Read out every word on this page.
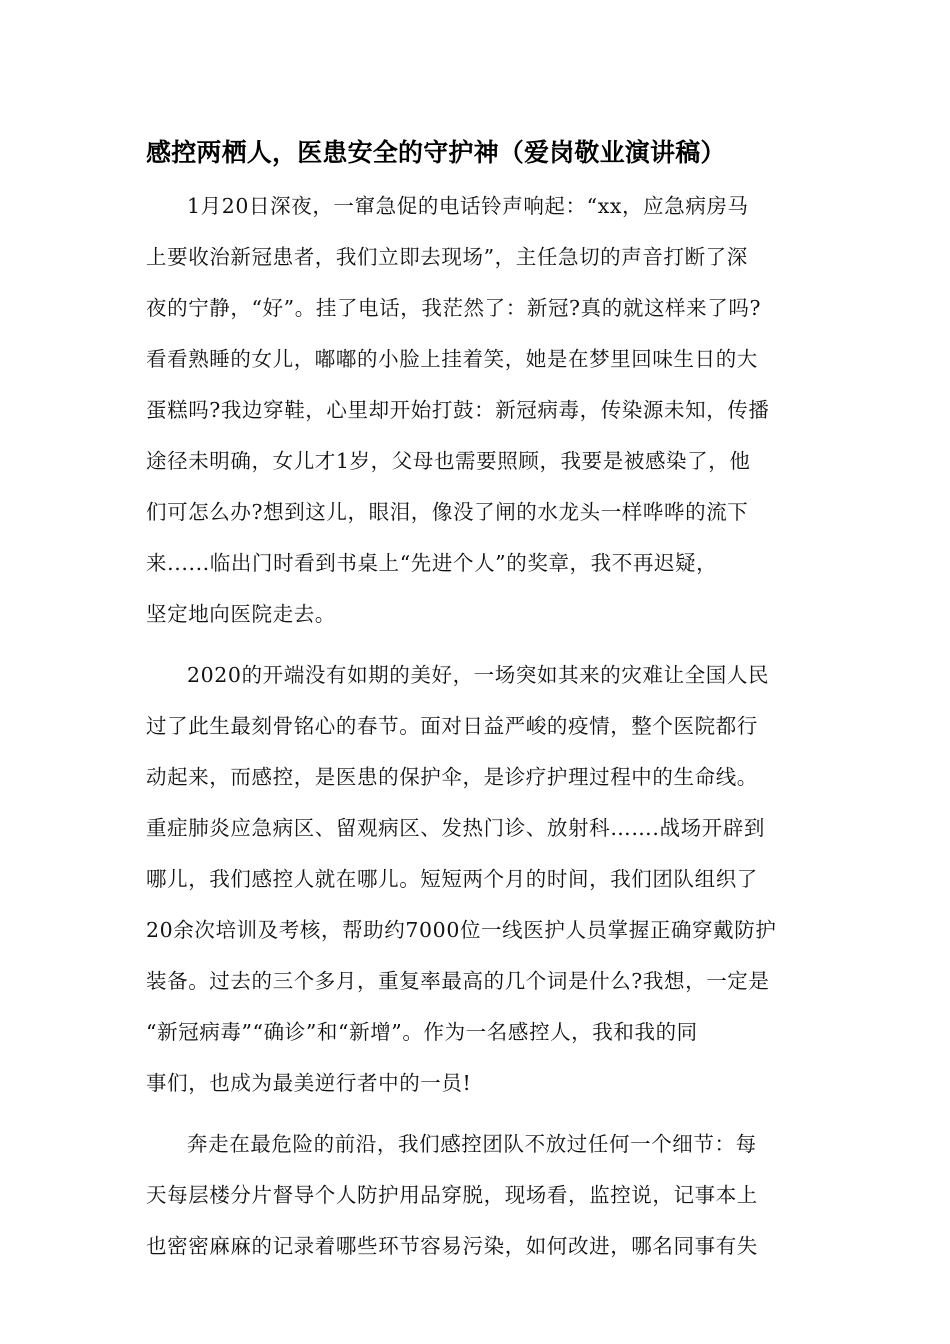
感控两栖人，医患安全的守护神（爱岗敬业演讲稿）
1月20日深夜，一窜急促的电话铃声响起：“xx，应急病房马
上要收治新冠患者，我们立即去现场”，主任急切的声音打断了深
夜的宁静，“好”。挂了电话，我茫然了：新冠?真的就这样来了吗?
看看熟睡的女儿，嘟嘟的小脸上挂着笑，她是在梦里回味生日的大
蛋糕吗?我边穿鞋，心里却开始打鼓：新冠病毒，传染源未知，传播
途径未明确，女儿才1岁，父母也需要照顾，我要是被感染了，他
们可怎么办?想到这儿，眼泪，像没了闸的水龙头一样哗哗的流下
来......临出门时看到书桌上“先进个人”的奖章，我不再迟疑，
坚定地向医院走去。
2020的开端没有如期的美好，一场突如其来的灾难让全国人民
过了此生最刻骨铭心的春节。面对日益严峻的疫情，整个医院都行
动起来，而感控，是医患的保护伞，是诊疗护理过程中的生命线。
重症肺炎应急病区、留观病区、发热门诊、放射科…….战场开辟到
哪儿，我们感控人就在哪儿。短短两个月的时间，我们团队组织了
20余次培训及考核，帮助约7000位一线医护人员掌握正确穿戴防护
装备。过去的三个多月，重复率最高的几个词是什么?我想，一定是
“新冠病毒”“确诊”和“新增”。作为一名感控人，我和我的同
事们，也成为最美逆行者中的一员!
奔走在最危险的前沿，我们感控团队不放过任何一个细节：每
天每层楼分片督导个人防护用品穿脱，现场看，监控说，记事本上
也密密麻麻的记录着哪些环节容易污染，如何改进，哪名同事有失
